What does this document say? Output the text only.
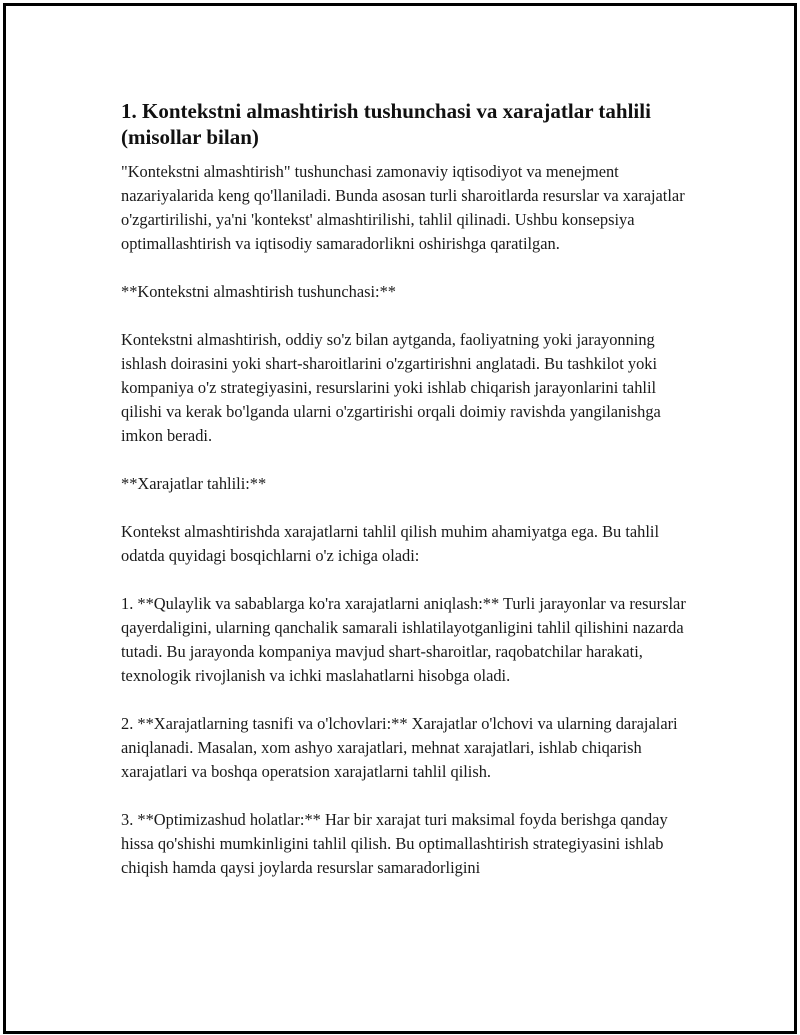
1. Kontekstni almashtirish tushunchasi va xarajatlar tahlili (misollar bilan)

"Kontekstni almashtirish" tushunchasi zamonaviy iqtisodiyot va menejment nazariyalarida keng qo'llaniladi. Bunda asosan turli sharoitlarda resurslar va xarajatlar o'zgartirilishi, ya'ni 'kontekst' almashtirilishi, tahlil qilinadi. Ushbu konsepsiya optimallashtirish va iqtisodiy samaradorlikni oshirishga qaratilgan.

**Kontekstni almashtirish tushunchasi:**

Kontekstni almashtirish, oddiy so'z bilan aytganda, faoliyatning yoki jarayonning ishlash doirasini yoki shart-sharoitlarini o'zgartirishni anglatadi. Bu tashkilot yoki kompaniya o'z strategiyasini, resurslarini yoki ishlab chiqarish jarayonlarini tahlil qilishi va kerak bo'lganda ularni o'zgartirishi orqali doimiy ravishda yangilanishga imkon beradi.

**Xarajatlar tahlili:**

Kontekst almashtirishda xarajatlarni tahlil qilish muhim ahamiyatga ega. Bu tahlil odatda quyidagi bosqichlarni o'z ichiga oladi:

1. **Qulaylik va sabablarga ko'ra xarajatlarni aniqlash:** Turli jarayonlar va resurslar qayerdaligini, ularning qanchalik samarali ishlatilayotganligini tahlil qilishini nazarda tutadi. Bu jarayonda kompaniya mavjud shart-sharoitlar, raqobatchilar harakati, texnologik rivojlanish va ichki maslahatlarni hisobga oladi.

2. **Xarajatlarning tasnifi va o'lchovlari:** Xarajatlar o'lchovi va ularning darajalari aniqlanadi. Masalan, xom ashyo xarajatlari, mehnat xarajatlari, ishlab chiqarish xarajatlari va boshqa operatsion xarajatlarni tahlil qilish.

3. **Optimizashud holatlar:** Har bir xarajat turi maksimal foyda berishga qanday hissa qo'shishi mumkinligini tahlil qilish. Bu optimallashtirish strategiyasini ishlab chiqish hamda qaysi joylarda resurslar samaradorligini
